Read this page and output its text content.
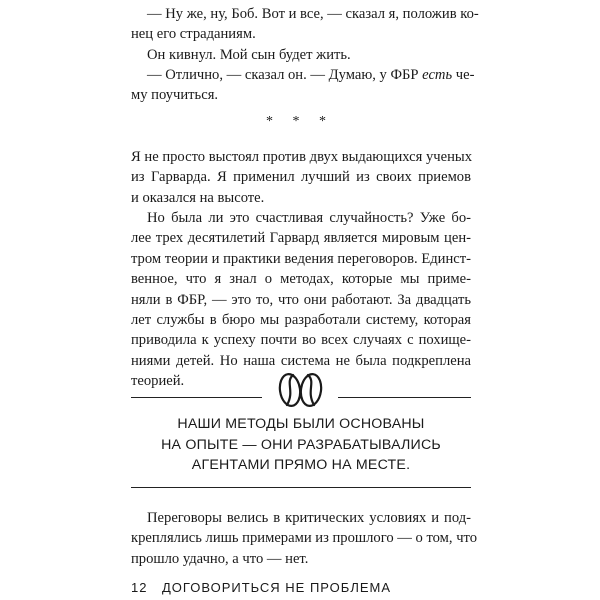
— Ну же, ну, Боб. Вот и все, — сказал я, положив ко-
нец его страданиям.

Он кивнул. Мой сын будет жить.

— Отлично, — сказал он. — Думаю, у ФБР есть че-
му поучиться.

* * *

Я не просто выстоял против двух выдающихся ученых
из Гарварда. Я применил лучший из своих приемов
и оказался на высоте.

Но была ли это счастливая случайность? Уже бо-
лее трех десятилетий Гарвард является мировым цен-
тром теории и практики ведения переговоров. Единст-
венное, что я знал о методах, которые мы приме-
няли в ФБР, — это то, что они работают. За двадцать
лет службы в бюро мы разработали систему, которая
приводила к успеху почти во всех случаях с похище-
ниями детей. Но наша система не была подкреплена
теорией.

НАШИ МЕТОДЫ БЫЛИ ОСНОВАНЫ
НА ОПЫТЕ — ОНИ РАЗРАБАТЫВАЛИСЬ
АГЕНТАМИ ПРЯМО НА МЕСТЕ.

Переговоры велись в критических условиях и под-
креплялись лишь примерами из прошлого — о том, что
прошло удачно, а что — нет.

12 ДОГОВОРИТЬСЯ НЕ ПРОБЛЕМА
